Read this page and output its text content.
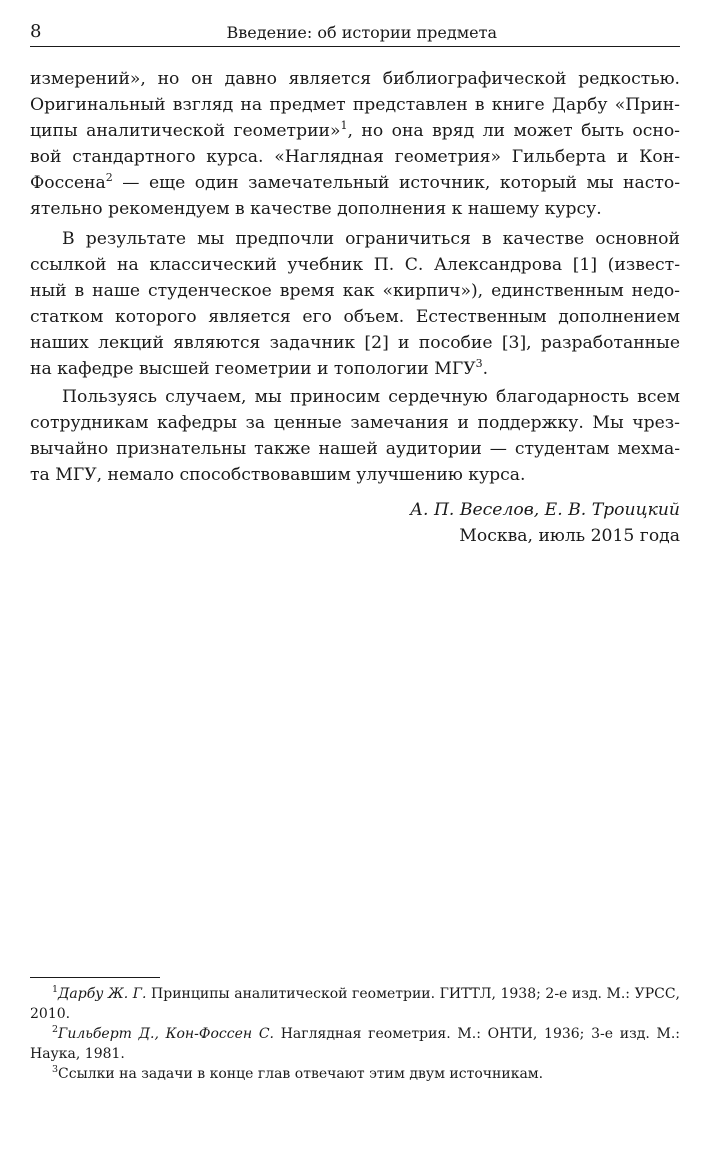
8	Введение: об истории предмета
измерений», но он давно является библиографической редкостью.
Оригинальный взгляд на предмет представлен в книге Дарбу «Прин-
ципы аналитической геометрии»$^1$, но она вряд ли может быть осно-
вой стандартного курса. «Наглядная геометрия» Гильберта и Кон-
Фоссена$^2$ — еще один замечательный источник, который мы насто-
ятельно рекомендуем в качестве дополнения к нашему курсу.
В результате мы предпочли ограничиться в качестве основной
ссылкой на классический учебник П. С. Александрова [1] (извест-
ный в наше студенческое время как «кирпич»), единственным недо-
статком которого является его объем. Естественным дополнением
наших лекций являются задачник [2] и пособие [3], разработанные
на кафедре высшей геометрии и топологии МГУ$^3$.
Пользуясь случаем, мы приносим сердечную благодарность всем
сотрудникам кафедры за ценные замечания и поддержку. Мы чрез-
вычайно признательны также нашей аудитории — студентам мехма-
та МГУ, немало способствовавшим улучшению курса.
А. П. Веселов, Е. В. Троицкий
Москва, июль 2015 года
$^1$Дарбу Ж. Г. Принципы аналитической геометрии. ГИТТЛ, 1938; 2-е изд. М.: УРСС,
2010.
$^2$Гильберт Д., Кон-Фоссен С. Наглядная геометрия. М.: ОНТИ, 1936; 3-е изд. М.:
Наука, 1981.
$^3$Ссылки на задачи в конце глав отвечают этим двум источникам.
